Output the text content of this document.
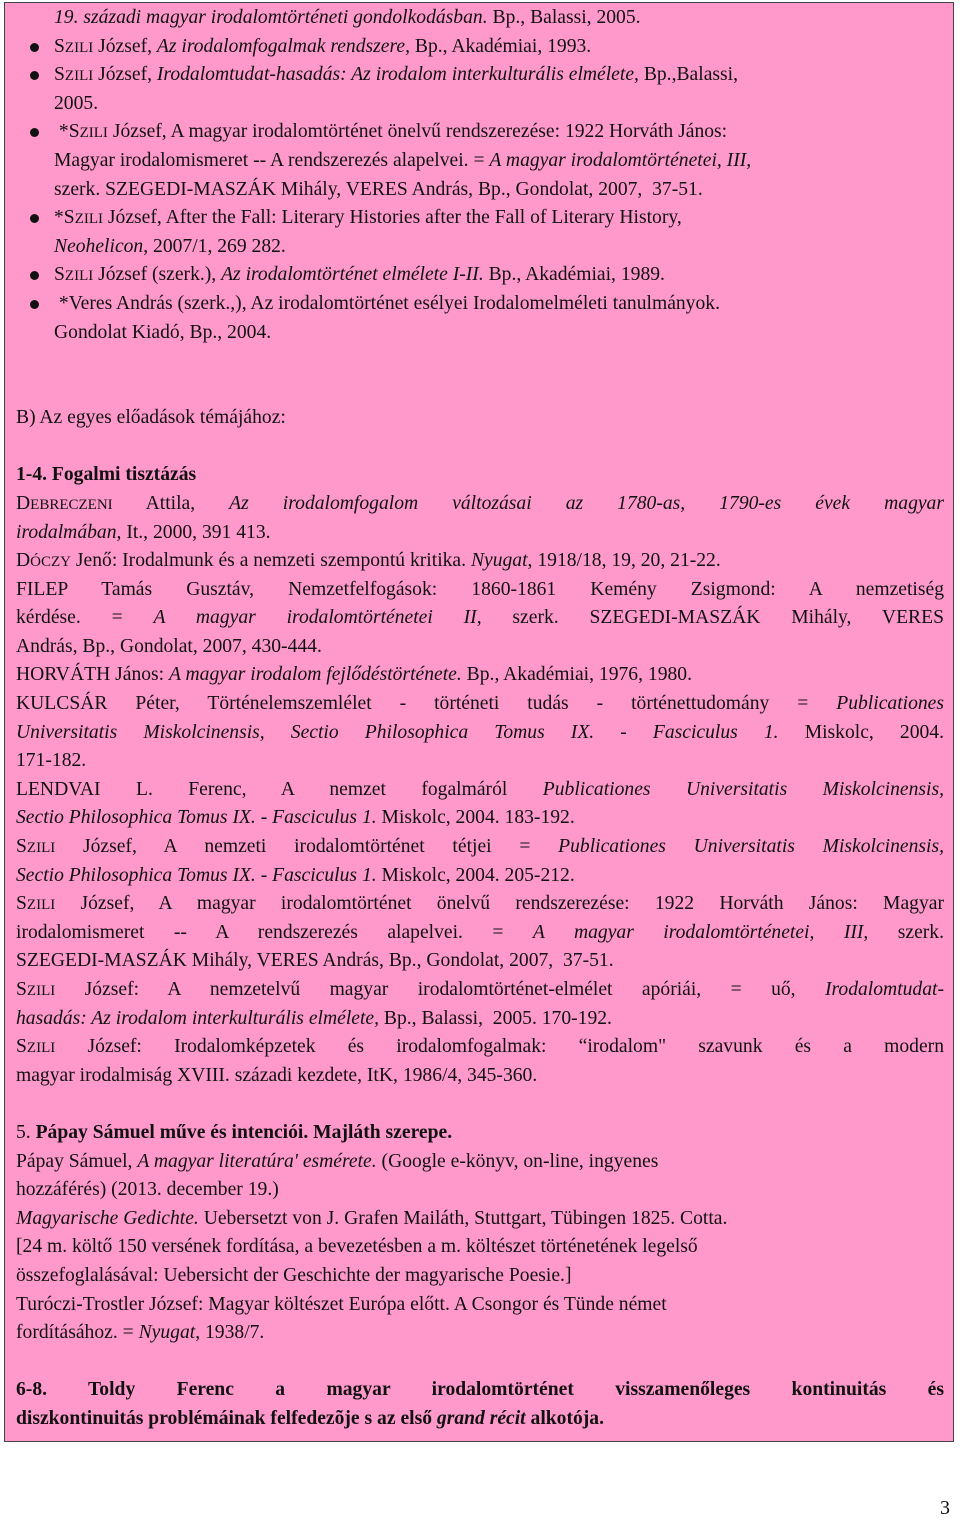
19. századi magyar irodalomtörténeti gondolkodásban. Bp., Balassi, 2005.
SZILI József, Az irodalomfogalmak rendszere, Bp., Akadémiai, 1993.
SZILI József, Irodalomtudat-hasadás: Az irodalom interkulturális elmélete, Bp.,Balassi,
2005.
*SZILI József, A magyar irodalomtörténet önelvű rendszerezése: 1922 Horváth János:
Magyar irodalomismeret -- A rendszerezés alapelvei. = A magyar irodalomtörténetei, III,
szerk. SZEGEDI-MASZÁK Mihály, VERES András, Bp., Gondolat, 2007,  37-51.
*SZILI József, After the Fall: Literary Histories after the Fall of Literary History,
Neohelicon, 2007/1, 269 282.
SZILI József (szerk.), Az irodalomtörténet elmélete I-II. Bp., Akadémiai, 1989.
*Veres András (szerk.,), Az irodalomtörténet esélyei Irodalomelméleti tanulmányok.
Gondolat Kiadó, Bp., 2004.
B) Az egyes előadások témájához:
1-4. Fogalmi tisztázás
DEBRECZENI Attila, Az irodalomfogalom változásai az 1780-as, 1790-es évek magyar
irodalmában, It., 2000, 391 413.
DÓCZY Jenő: Irodalmunk és a nemzeti szempontú kritika. Nyugat, 1918/18, 19, 20, 21-22.
FILEP Tamás Gusztáv, Nemzetfelfogások: 1860-1861 Kemény Zsigmond: A nemzetiség
kérdése. = A magyar irodalomtörténetei II, szerk. SZEGEDI-MASZÁK Mihály, VERES
András, Bp., Gondolat, 2007, 430-444.
HORVÁTH János: A magyar irodalom fejlődéstörténete. Bp., Akadémiai, 1976, 1980.
KULCSÁR Péter, Történelemszemlélet - történeti tudás - történettudomány = Publicationes
Universitatis Miskolcinensis, Sectio Philosophica Tomus IX. - Fasciculus 1. Miskolc, 2004.
171-182.
LENDVAI L. Ferenc, A nemzet fogalmáról Publicationes Universitatis Miskolcinensis,
Sectio Philosophica Tomus IX. - Fasciculus 1. Miskolc, 2004. 183-192.
SZILI József, A nemzeti irodalomtörténet tétjei = Publicationes Universitatis Miskolcinensis,
Sectio Philosophica Tomus IX. - Fasciculus 1. Miskolc, 2004. 205-212.
SZILI József, A magyar irodalomtörténet önelvű rendszerezése: 1922 Horváth János: Magyar
irodalomismeret -- A rendszerezés alapelvei. = A magyar irodalomtörténetei, III, szerk.
SZEGEDI-MASZÁK Mihály, VERES András, Bp., Gondolat, 2007,  37-51.
SZILI József: A nemzetelvű magyar irodalomtörténet-elmélet apóriái, = uő, Irodalomtudat-
hasadás: Az irodalom interkulturális elmélete, Bp., Balassi,  2005. 170-192.
SZILI József: Irodalomképzetek és irodalomfogalmak: “irodalom" szavunk és a modern
magyar irodalmiság XVIII. századi kezdete, ItK, 1986/4, 345-360.
5. Pápay Sámuel műve és intenciói. Majláth szerepe.
Pápay Sámuel, A magyar literatúra' esmérete. (Google e-könyv, on-line, ingyenes
hozzáférés) (2013. december 19.)
Magyarische Gedichte. Uebersetzt von J. Grafen Mailáth, Stuttgart, Tübingen 1825. Cotta.
[24 m. költő 150 versének fordítása, a bevezetésben a m. költészet történetének legelső
összefoglalásával: Uebersicht der Geschichte der magyarische Poesie.]
Turóczi-Trostler József: Magyar költészet Európa előtt. A Csongor és Tünde német
fordításához. = Nyugat, 1938/7.
6-8. Toldy Ferenc a magyar irodalomtörténet visszamenőleges kontinuitás és
diszkontinuitás problémáinak felfedezõje s az első grand récit alkotója.
3
